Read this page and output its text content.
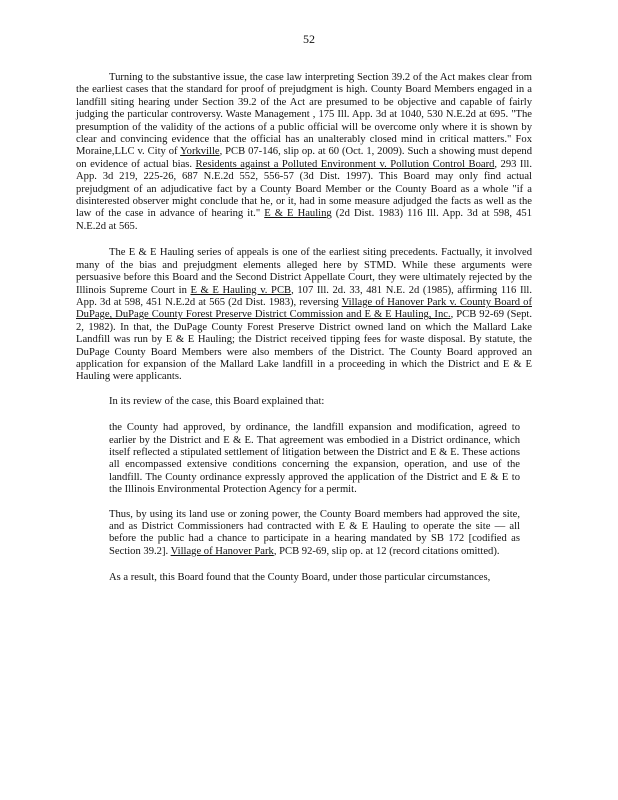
52

Turning to the substantive issue, the case law interpreting Section 39.2 of the Act makes clear from the earliest cases that the standard for proof of prejudgment is high. County Board Members engaged in a landfill siting hearing under Section 39.2 of the Act are presumed to be objective and capable of fairly judging the particular controversy. Waste Management , 175 Ill. App. 3d at 1040, 530 N.E.2d at 695. "The presumption of the validity of the actions of a public official will be overcome only where it is shown by clear and convincing evidence that the official has an unalterably closed mind in critical matters." Fox Moraine,LLC v. City of Yorkville, PCB 07-146, slip op. at 60 (Oct. 1, 2009). Such a showing must depend on evidence of actual bias. Residents against a Polluted Environment v. Pollution Control Board, 293 Ill. App. 3d 219, 225-26, 687 N.E.2d 552, 556-57 (3d Dist. 1997). This Board may only find actual prejudgment of an adjudicative fact by a County Board Member or the County Board as a whole "if a disinterested observer might conclude that he, or it, had in some measure adjudged the facts as well as the law of the case in advance of hearing it." E & E Hauling (2d Dist. 1983) 116 Ill. App. 3d at 598, 451 N.E.2d at 565.

The E & E Hauling series of appeals is one of the earliest siting precedents. Factually, it involved many of the bias and prejudgment elements alleged here by STMD. While these arguments were persuasive before this Board and the Second District Appellate Court, they were ultimately rejected by the Illinois Supreme Court in E & E Hauling v. PCB, 107 Ill. 2d. 33, 481 N.E. 2d (1985), affirming 116 Ill. App. 3d at 598, 451 N.E.2d at 565 (2d Dist. 1983), reversing Village of Hanover Park v. County Board of DuPage, DuPage County Forest Preserve District Commission and E & E Hauling, Inc., PCB 92-69 (Sept. 2, 1982). In that, the DuPage County Forest Preserve District owned land on which the Mallard Lake Landfill was run by E & E Hauling; the District received tipping fees for waste disposal. By statute, the DuPage County Board Members were also members of the District. The County Board approved an application for expansion of the Mallard Lake landfill in a proceeding in which the District and E & E Hauling were applicants.

In its review of the case, this Board explained that:

the County had approved, by ordinance, the landfill expansion and modification, agreed to earlier by the District and E & E. That agreement was embodied in a District ordinance, which itself reflected a stipulated settlement of litigation between the District and E & E. These actions all encompassed extensive conditions concerning the expansion, operation, and use of the landfill. The County ordinance expressly approved the application of the District and E & E to the Illinois Environmental Protection Agency for a permit.

Thus, by using its land use or zoning power, the County Board members had approved the site, and as District Commissioners had contracted with E & E Hauling to operate the site — all before the public had a chance to participate in a hearing mandated by SB 172 [codified as Section 39.2]. Village of Hanover Park, PCB 92-69, slip op. at 12 (record citations omitted).

As a result, this Board found that the County Board, under those particular circumstances,
